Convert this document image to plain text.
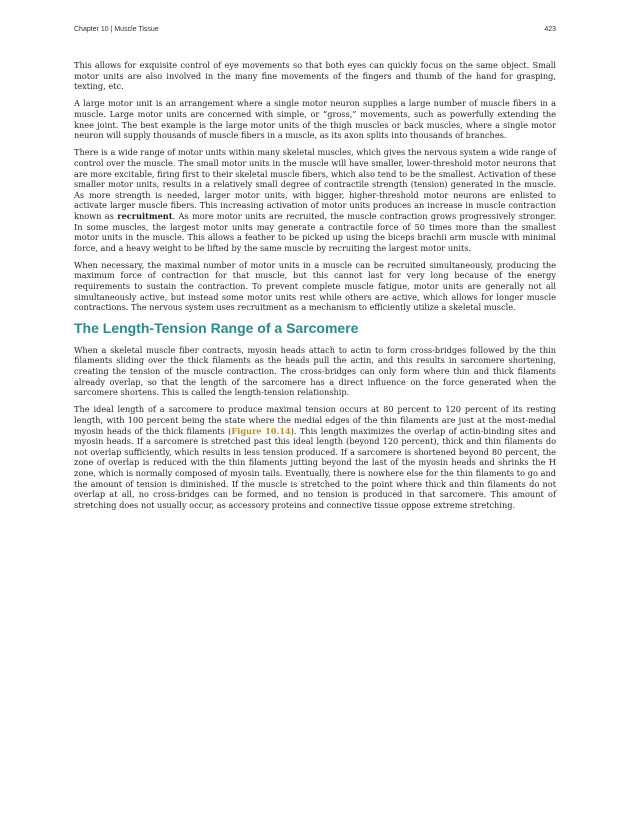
Chapter 10 | Muscle Tissue	423

This allows for exquisite control of eye movements so that both eyes can quickly focus on the same object. Small motor units are also involved in the many fine movements of the fingers and thumb of the hand for grasping, texting, etc.

A large motor unit is an arrangement where a single motor neuron supplies a large number of muscle fibers in a muscle. Large motor units are concerned with simple, or “gross,” movements, such as powerfully extending the knee joint. The best example is the large motor units of the thigh muscles or back muscles, where a single motor neuron will supply thousands of muscle fibers in a muscle, as its axon splits into thousands of branches.

There is a wide range of motor units within many skeletal muscles, which gives the nervous system a wide range of control over the muscle. The small motor units in the muscle will have smaller, lower-threshold motor neurons that are more excitable, firing first to their skeletal muscle fibers, which also tend to be the smallest. Activation of these smaller motor units, results in a relatively small degree of contractile strength (tension) generated in the muscle. As more strength is needed, larger motor units, with bigger, higher-threshold motor neurons are enlisted to activate larger muscle fibers. This increasing activation of motor units produces an increase in muscle contraction known as recruitment. As more motor units are recruited, the muscle contraction grows progressively stronger. In some muscles, the largest motor units may generate a contractile force of 50 times more than the smallest motor units in the muscle. This allows a feather to be picked up using the biceps brachii arm muscle with minimal force, and a heavy weight to be lifted by the same muscle by recruiting the largest motor units.

When necessary, the maximal number of motor units in a muscle can be recruited simultaneously, producing the maximum force of contraction for that muscle, but this cannot last for very long because of the energy requirements to sustain the contraction. To prevent complete muscle fatigue, motor units are generally not all simultaneously active, but instead some motor units rest while others are active, which allows for longer muscle contractions. The nervous system uses recruitment as a mechanism to efficiently utilize a skeletal muscle.

The Length-Tension Range of a Sarcomere

When a skeletal muscle fiber contracts, myosin heads attach to actin to form cross-bridges followed by the thin filaments sliding over the thick filaments as the heads pull the actin, and this results in sarcomere shortening, creating the tension of the muscle contraction. The cross-bridges can only form where thin and thick filaments already overlap, so that the length of the sarcomere has a direct influence on the force generated when the sarcomere shortens. This is called the length-tension relationship.

The ideal length of a sarcomere to produce maximal tension occurs at 80 percent to 120 percent of its resting length, with 100 percent being the state where the medial edges of the thin filaments are just at the most-medial myosin heads of the thick filaments (Figure 10.14). This length maximizes the overlap of actin-binding sites and myosin heads. If a sarcomere is stretched past this ideal length (beyond 120 percent), thick and thin filaments do not overlap sufficiently, which results in less tension produced. If a sarcomere is shortened beyond 80 percent, the zone of overlap is reduced with the thin filaments jutting beyond the last of the myosin heads and shrinks the H zone, which is normally composed of myosin tails. Eventually, there is nowhere else for the thin filaments to go and the amount of tension is diminished. If the muscle is stretched to the point where thick and thin filaments do not overlap at all, no cross-bridges can be formed, and no tension is produced in that sarcomere. This amount of stretching does not usually occur, as accessory proteins and connective tissue oppose extreme stretching.
